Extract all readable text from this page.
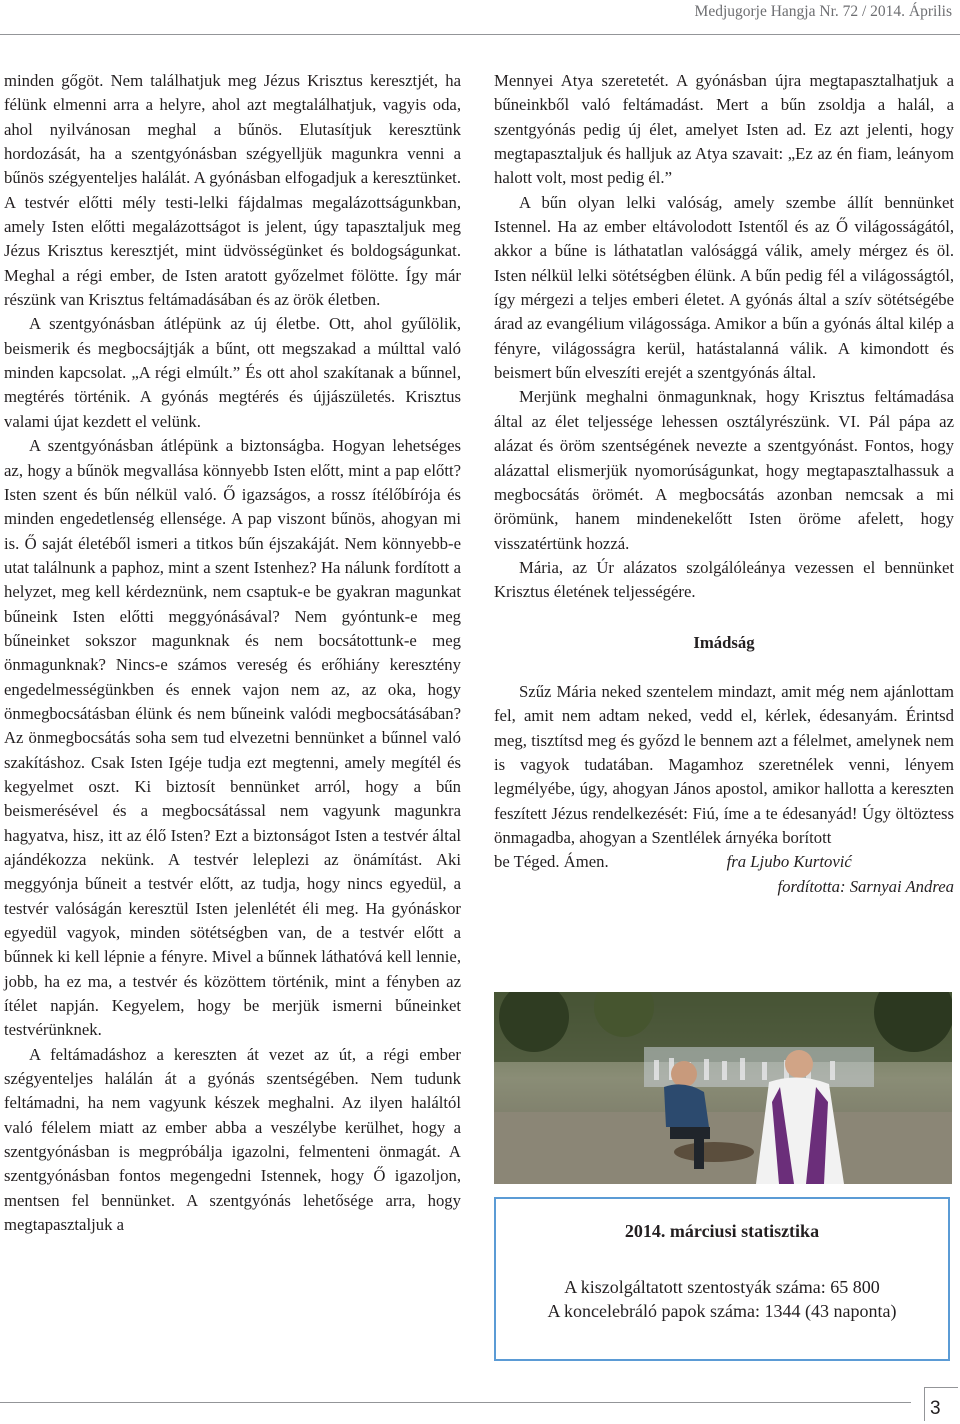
Medjugorje Hangja Nr. 72 / 2014. Április

minden gőgöt. Nem találhatjuk meg Jézus Krisztus keresztjét, ha félünk elmenni arra a helyre, ahol azt megtalálhatjuk, vagyis oda, ahol nyilvánosan meghal a bűnös. Elutasítjuk keresztünk hordozását, ha a szentgyónásban szégyelljük magunkra venni a bűnös szégyenteljes halálát. A gyónásban elfogadjuk a keresztünket. A testvér előtti mély testi-lelki fájdalmas megalázottságunkban, amely Isten előtti megalázottságot is jelent, úgy tapasztaljuk meg Jézus Krisztus keresztjét, mint üdvösségünket és boldogságunkat. Meghal a régi ember, de Isten aratott győzelmet fölötte. Így már részünk van Krisztus feltámadásában és az örök életben.

A szentgyónásban átlépünk az új életbe. Ott, ahol gyűlölik, beismerik és megbocsájtják a bűnt, ott megszakad a múlttal való minden kapcsolat. „A régi elmúlt.” És ott ahol szakítanak a bűnnel, megtérés történik. A gyónás megtérés és újjászületés. Krisztus valami újat kezdett el velünk.

A szentgyónásban átlépünk a biztonságba. Hogyan lehetséges az, hogy a bűnök megvallása könnyebb Isten előtt, mint a pap előtt? Isten szent és bűn nélkül való. Ő igazságos, a rossz ítélőbírója és minden engedetlenség ellensége. A pap viszont bűnös, ahogyan mi is. Ő saját életéből ismeri a titkos bűn éjszakáját. Nem könnyebb-e utat találnunk a paphoz, mint a szent Istenhez? Ha nálunk fordított a helyzet, meg kell kérdeznünk, nem csaptuk-e be gyakran magunkat bűneink Isten előtti meggyónásával? Nem gyóntunk-e meg bűneinket sokszor magunknak és nem bocsátottunk-e meg önmagunknak? Nincs-e számos vereség és erőhiány keresztény engedelmességünkben és ennek vajon nem az, az oka, hogy önmegbocsátásban élünk és nem bűneink valódi megbocsátásában? Az önmegbocsátás soha sem tud elvezetni bennünket a bűnnel való szakításhoz. Csak Isten Igéje tudja ezt megtenni, amely megítél és kegyelmet oszt. Ki biztosít bennünket arról, hogy a bűn beismerésével és a megbocsátással nem vagyunk magunkra hagyatva, hisz, itt az élő Isten? Ezt a biztonságot Isten a testvér által ajándékozza nekünk. A testvér leleplezi az önámítást. Aki meggyónja bűneit a testvér előtt, az tudja, hogy nincs egyedül, a testvér valóságán keresztül Isten jelenlétét éli meg. Ha gyónáskor egyedül vagyok, minden sötétségben van, de a testvér előtt a bűnnek ki kell lépnie a fényre. Mivel a bűnnek láthatóvá kell lennie, jobb, ha ez ma, a testvér és közöttem történik, mint a fényben az ítélet napján. Kegyelem, hogy be merjük ismerni bűneinket testvérünknek.

A feltámadáshoz a kereszten át vezet az út, a régi ember szégyenteljes halálán át a gyónás szentségében. Nem tudunk feltámadni, ha nem vagyunk készek meghalni. Az ilyen haláltól való félelem miatt az ember abba a veszélybe kerülhet, hogy a szentgyónásban is megpróbálja igazolni, felmenteni önmagát. A szentgyónásban fontos megengedni Istennek, hogy Ő igazoljon, mentsen fel bennünket. A szentgyónás lehetősége arra, hogy megtapasztaljuk a

Mennyei Atya szeretetét. A gyónásban újra megtapasztalhatjuk a bűneinkből való feltámadást. Mert a bűn zsoldja a halál, a szentgyónás pedig új élet, amelyet Isten ad. Ez azt jelenti, hogy megtapasztaljuk és halljuk az Atya szavait: „Ez az én fiam, leányom halott volt, most pedig él.”

A bűn olyan lelki valóság, amely szembe állít bennünket Istennel. Ha az ember eltávolodott Istentől és az Ő világosságától, akkor a bűne is láthatatlan valósággá válik, amely mérgez és öl. Isten nélkül lelki sötétségben élünk. A bűn pedig fél a világosságtól, így mérgezi a teljes emberi életet. A gyónás által a szív sötétségébe árad az evangélium világossága. Amikor a bűn a gyónás által kilép a fényre, világosságra kerül, hatástalanná válik. A kimondott és beismert bűn elveszíti erejét a szentgyónás által.

Merjünk meghalni önmagunknak, hogy Krisztus feltámadása által az élet teljessége lehessen osztályrészünk. VI. Pál pápa az alázat és öröm szentségének nevezte a szentgyónást. Fontos, hogy alázattal elismerjük nyomorúságunkat, hogy megtapasztalhassuk a megbocsátás örömét. A megbocsátás azonban nemcsak a mi örömünk, hanem mindenekelőtt Isten öröme afelett, hogy visszatértünk hozzá.

Mária, az Úr alázatos szolgálóleánya vezessen el bennünket Krisztus életének teljességére.

Imádság

Szűz Mária neked szentelem mindazt, amit még nem ajánlottam fel, amit nem adtam neked, vedd el, kérlek, édesanyám. Érintsd meg, tisztítsd meg és győzd le bennem azt a félelmet, amelynek nem is vagyok tudatában. Magamhoz szeretnélek venni, lényem legmélyébe, úgy, ahogyan János apostol, amikor hallotta a kereszten feszített Jézus rendelkezését: Fiú, íme a te édesanyád! Úgy öltöztess önmagadba, ahogyan a Szentlélek árnyéka borított

be Téged. Ámen.	fra Ljubo Kurtović
fordította: Sarnyai Andrea
2014. márciusi statisztika
A kiszolgáltatott szentostyák száma: 65 800
A koncelebráló papok száma: 1344 (43 naponta)
3
